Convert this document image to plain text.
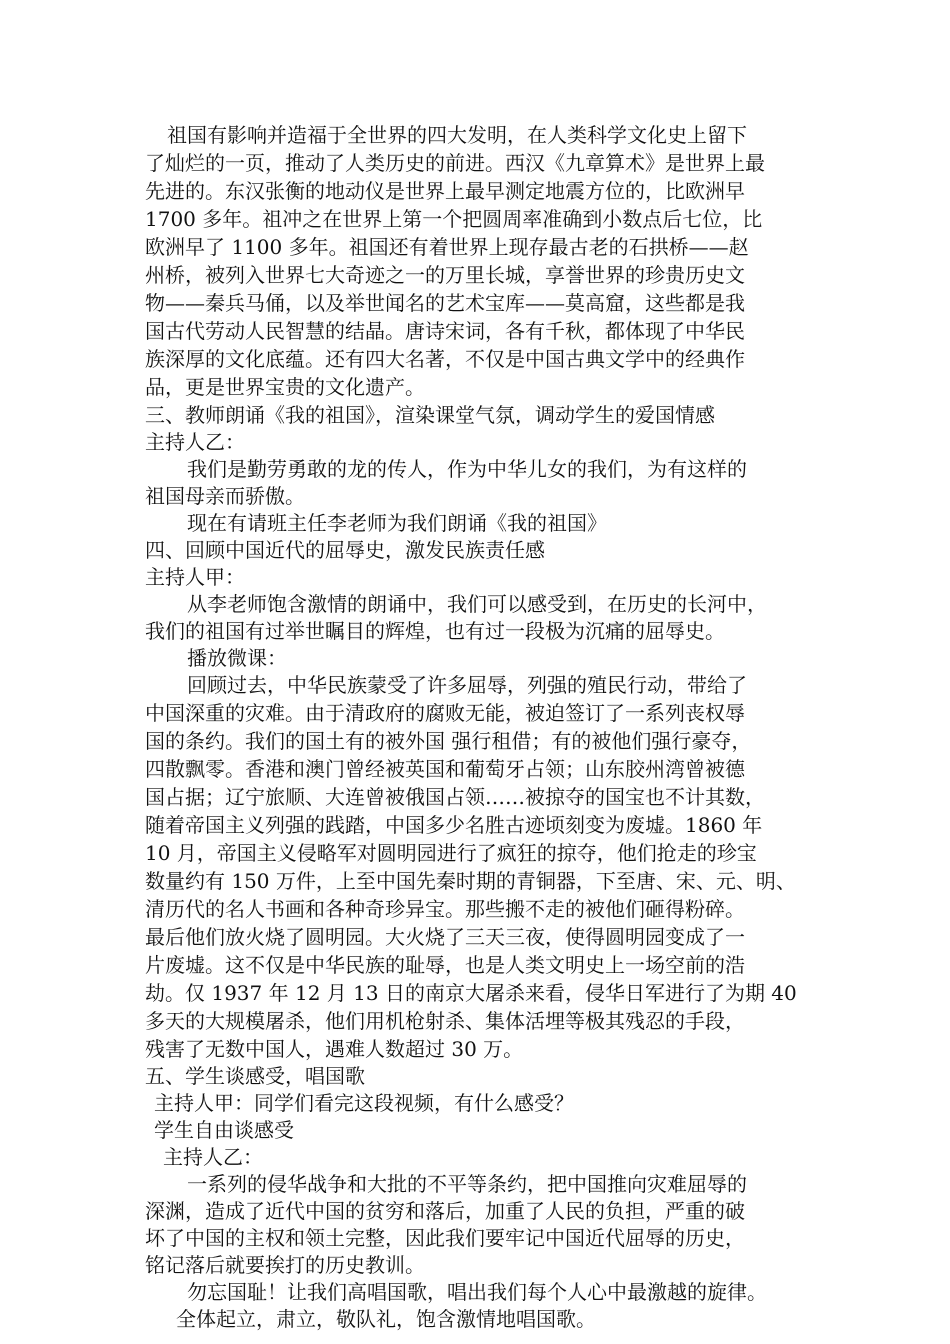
祖国有影响并造福于全世界的四大发明，在人类科学文化史上留下
了灿烂的一页，推动了人类历史的前进。西汉《九章算术》是世界上最
先进的。东汉张衡的地动仪是世界上最早测定地震方位的，比欧洲早
1700 多年。祖冲之在世界上第一个把圆周率准确到小数点后七位，比
欧洲早了 1100 多年。祖国还有着世界上现存最古老的石拱桥——赵
州桥，被列入世界七大奇迹之一的万里长城，享誉世界的珍贵历史文
物——秦兵马俑，以及举世闻名的艺术宝库——莫高窟，这些都是我
国古代劳动人民智慧的结晶。唐诗宋词，各有千秋，都体现了中华民
族深厚的文化底蕴。还有四大名著，不仅是中国古典文学中的经典作
品，更是世界宝贵的文化遗产。
三、教师朗诵《我的祖国》，渲染课堂气氛，调动学生的爱国情感
主持人乙：
我们是勤劳勇敢的龙的传人，作为中华儿女的我们，为有这样的
祖国母亲而骄傲。
现在有请班主任李老师为我们朗诵《我的祖国》
四、回顾中国近代的屈辱史，激发民族责任感
主持人甲：
从李老师饱含激情的朗诵中，我们可以感受到，在历史的长河中，
我们的祖国有过举世瞩目的辉煌，也有过一段极为沉痛的屈辱史。
播放微课：
回顾过去，中华民族蒙受了许多屈辱，列强的殖民行动，带给了
中国深重的灾难。由于清政府的腐败无能，被迫签订了一系列丧权辱
国的条约。我们的国土有的被外国 强行租借；有的被他们强行豪夺，
四散飘零。香港和澳门曾经被英国和葡萄牙占领；山东胶州湾曾被德
国占据；辽宁旅顺、大连曾被俄国占领……被掠夺的国宝也不计其数，
随着帝国主义列强的践踏，中国多少名胜古迹顷刻变为废墟。1860 年
10 月，帝国主义侵略军对圆明园进行了疯狂的掠夺，他们抢走的珍宝
数量约有 150 万件，上至中国先秦时期的青铜器，下至唐、宋、元、明、
清历代的名人书画和各种奇珍异宝。那些搬不走的被他们砸得粉碎。
最后他们放火烧了圆明园。大火烧了三天三夜，使得圆明园变成了一
片废墟。这不仅是中华民族的耻辱，也是人类文明史上一场空前的浩
劫。仅 1937 年 12 月 13 日的南京大屠杀来看，侵华日军进行了为期 40
多天的大规模屠杀，他们用机枪射杀、集体活埋等极其残忍的手段，
残害了无数中国人，遇难人数超过 30 万。
五、学生谈感受，唱国歌
主持人甲：同学们看完这段视频，有什么感受？
学生自由谈感受
主持人乙：
一系列的侵华战争和大批的不平等条约，把中国推向灾难屈辱的
深渊，造成了近代中国的贫穷和落后，加重了人民的负担，严重的破
坏了中国的主权和领土完整，因此我们要牢记中国近代屈辱的历史，
铭记落后就要挨打的历史教训。
勿忘国耻！让我们高唱国歌，唱出我们每个人心中最激越的旋律。
全体起立，肃立，敬队礼，饱含激情地唱国歌。
